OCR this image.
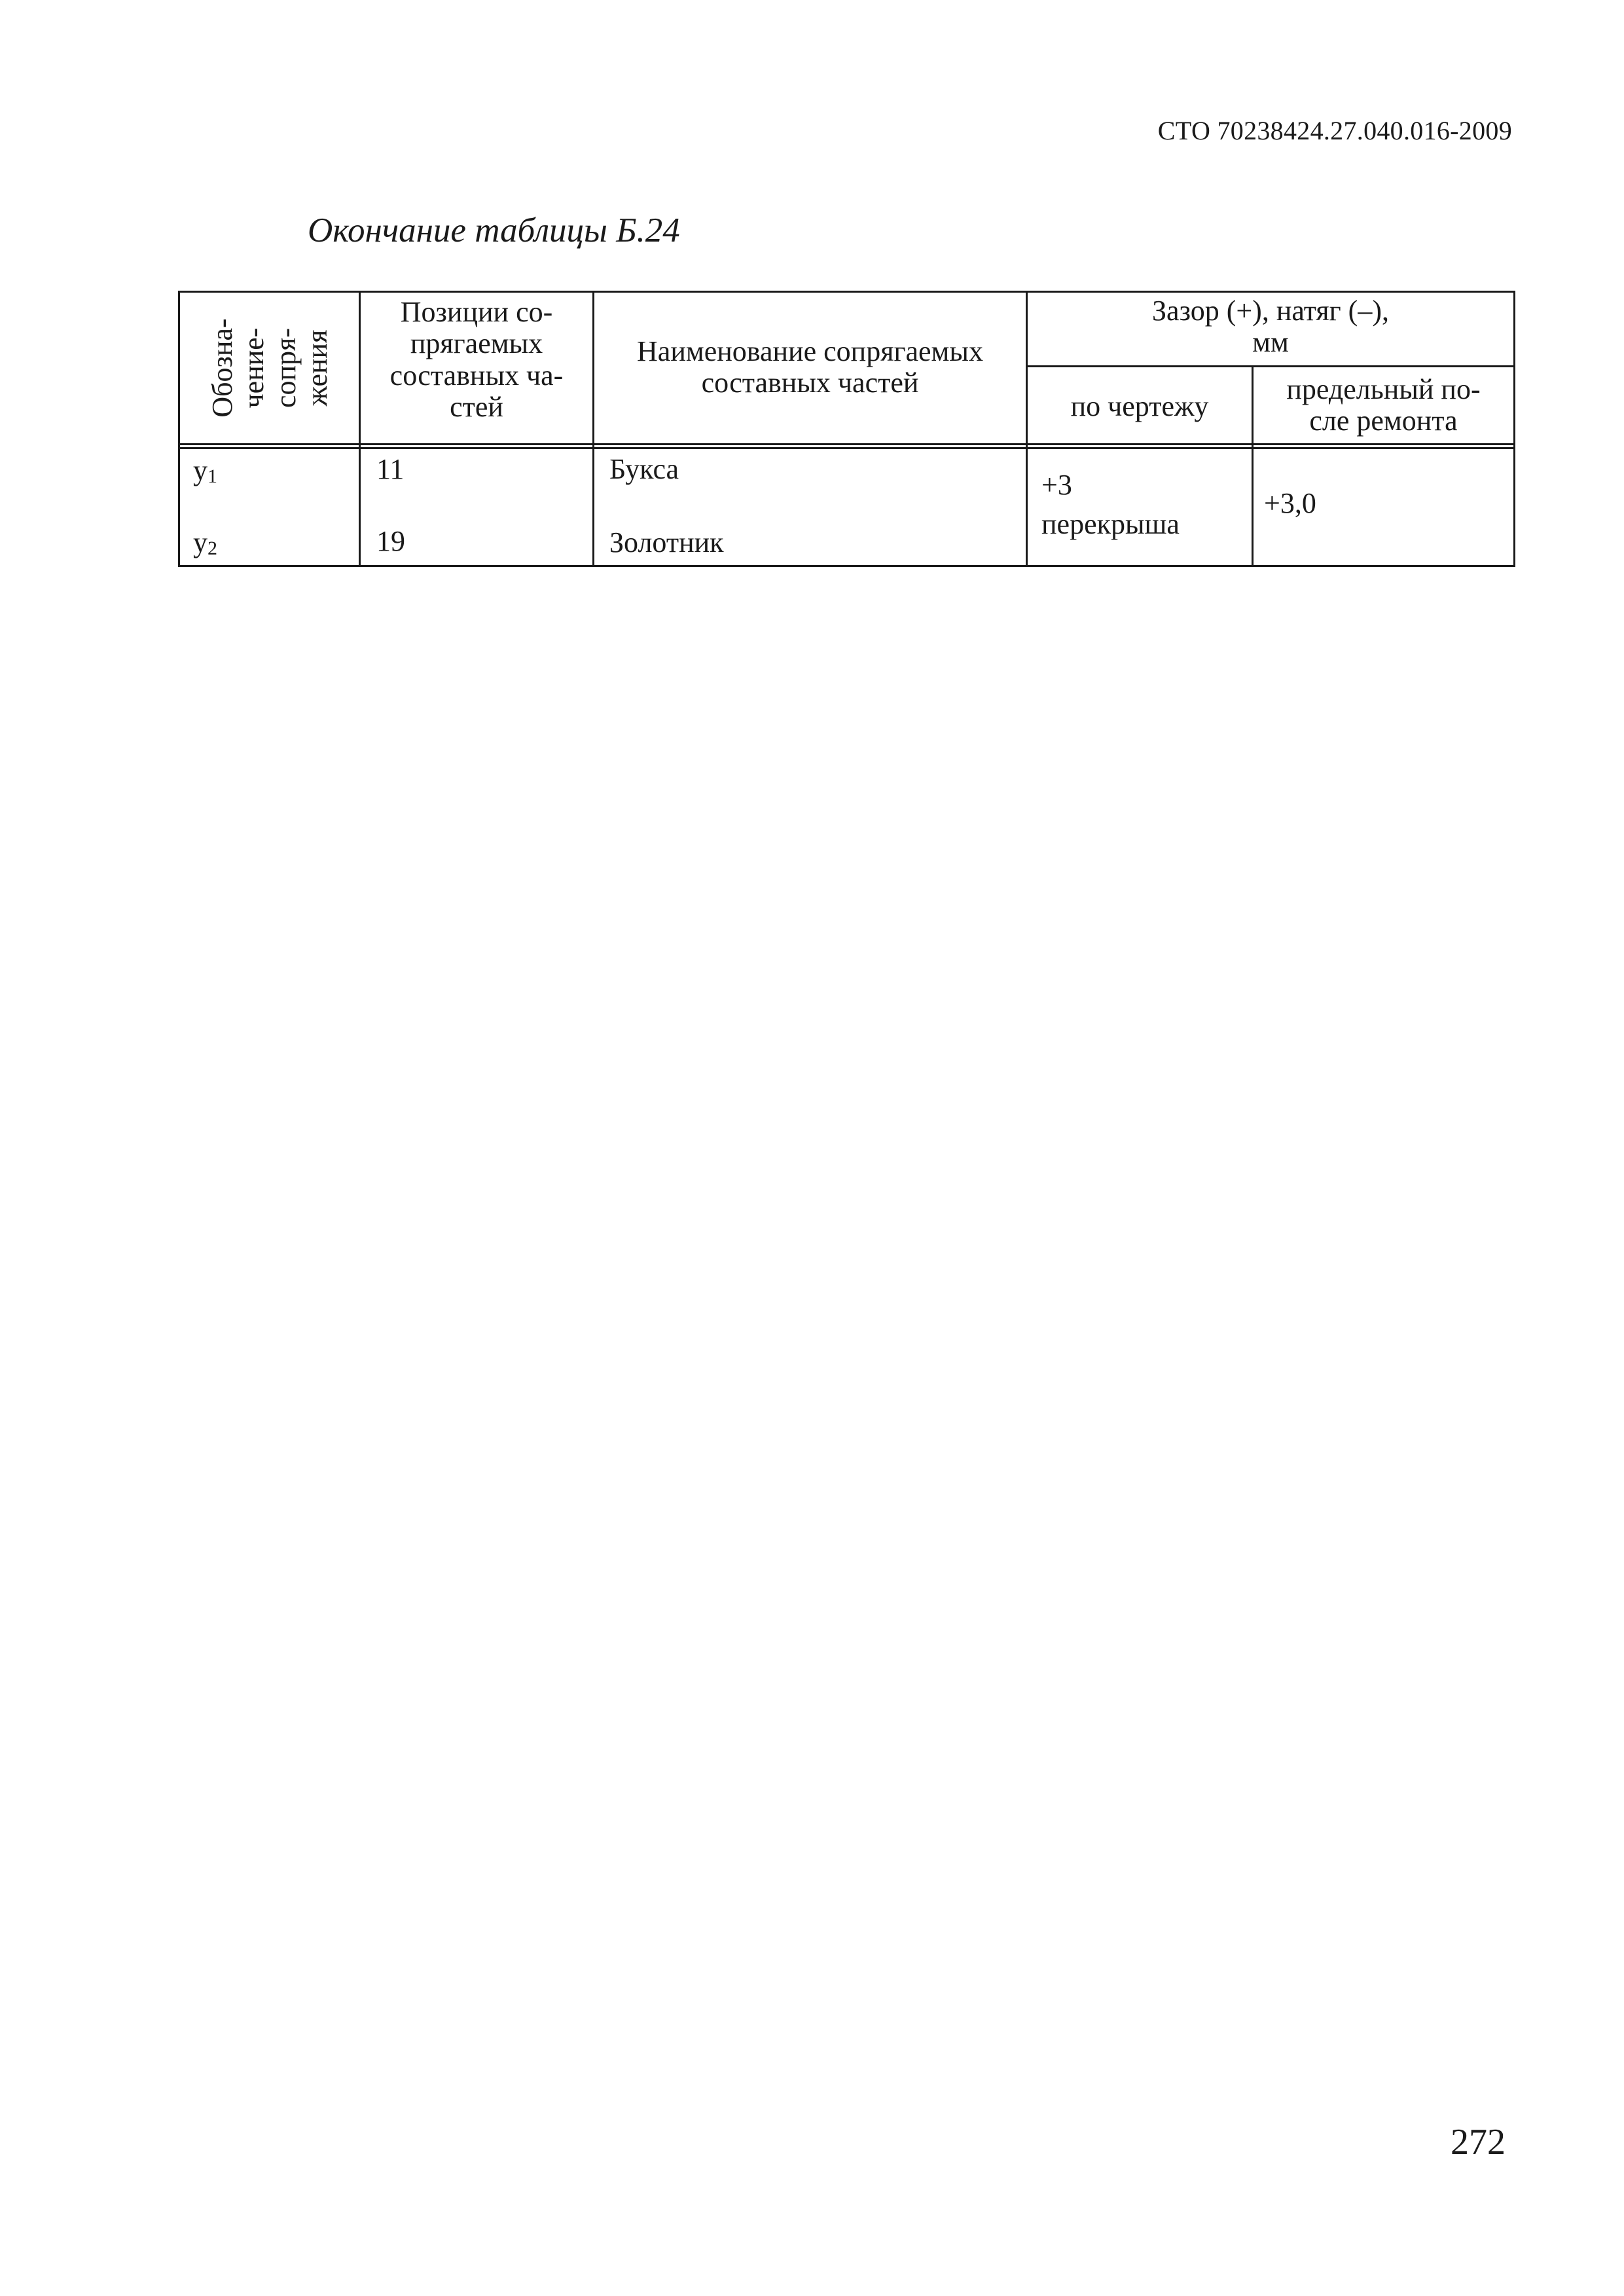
СТО 70238424.27.040.016-2009
Окончание таблицы Б.24
Обозна- чение- сопря- жения
Позиции со-
прягаемых
составных ча-
стей
Наименование сопрягаемых
составных частей
Зазор (+), натяг (–),
мм
по чертежу
предельный по-
сле ремонта
у1
у2
11
19
Букса
Золотник
+3
перекрыша
+3,0
272
